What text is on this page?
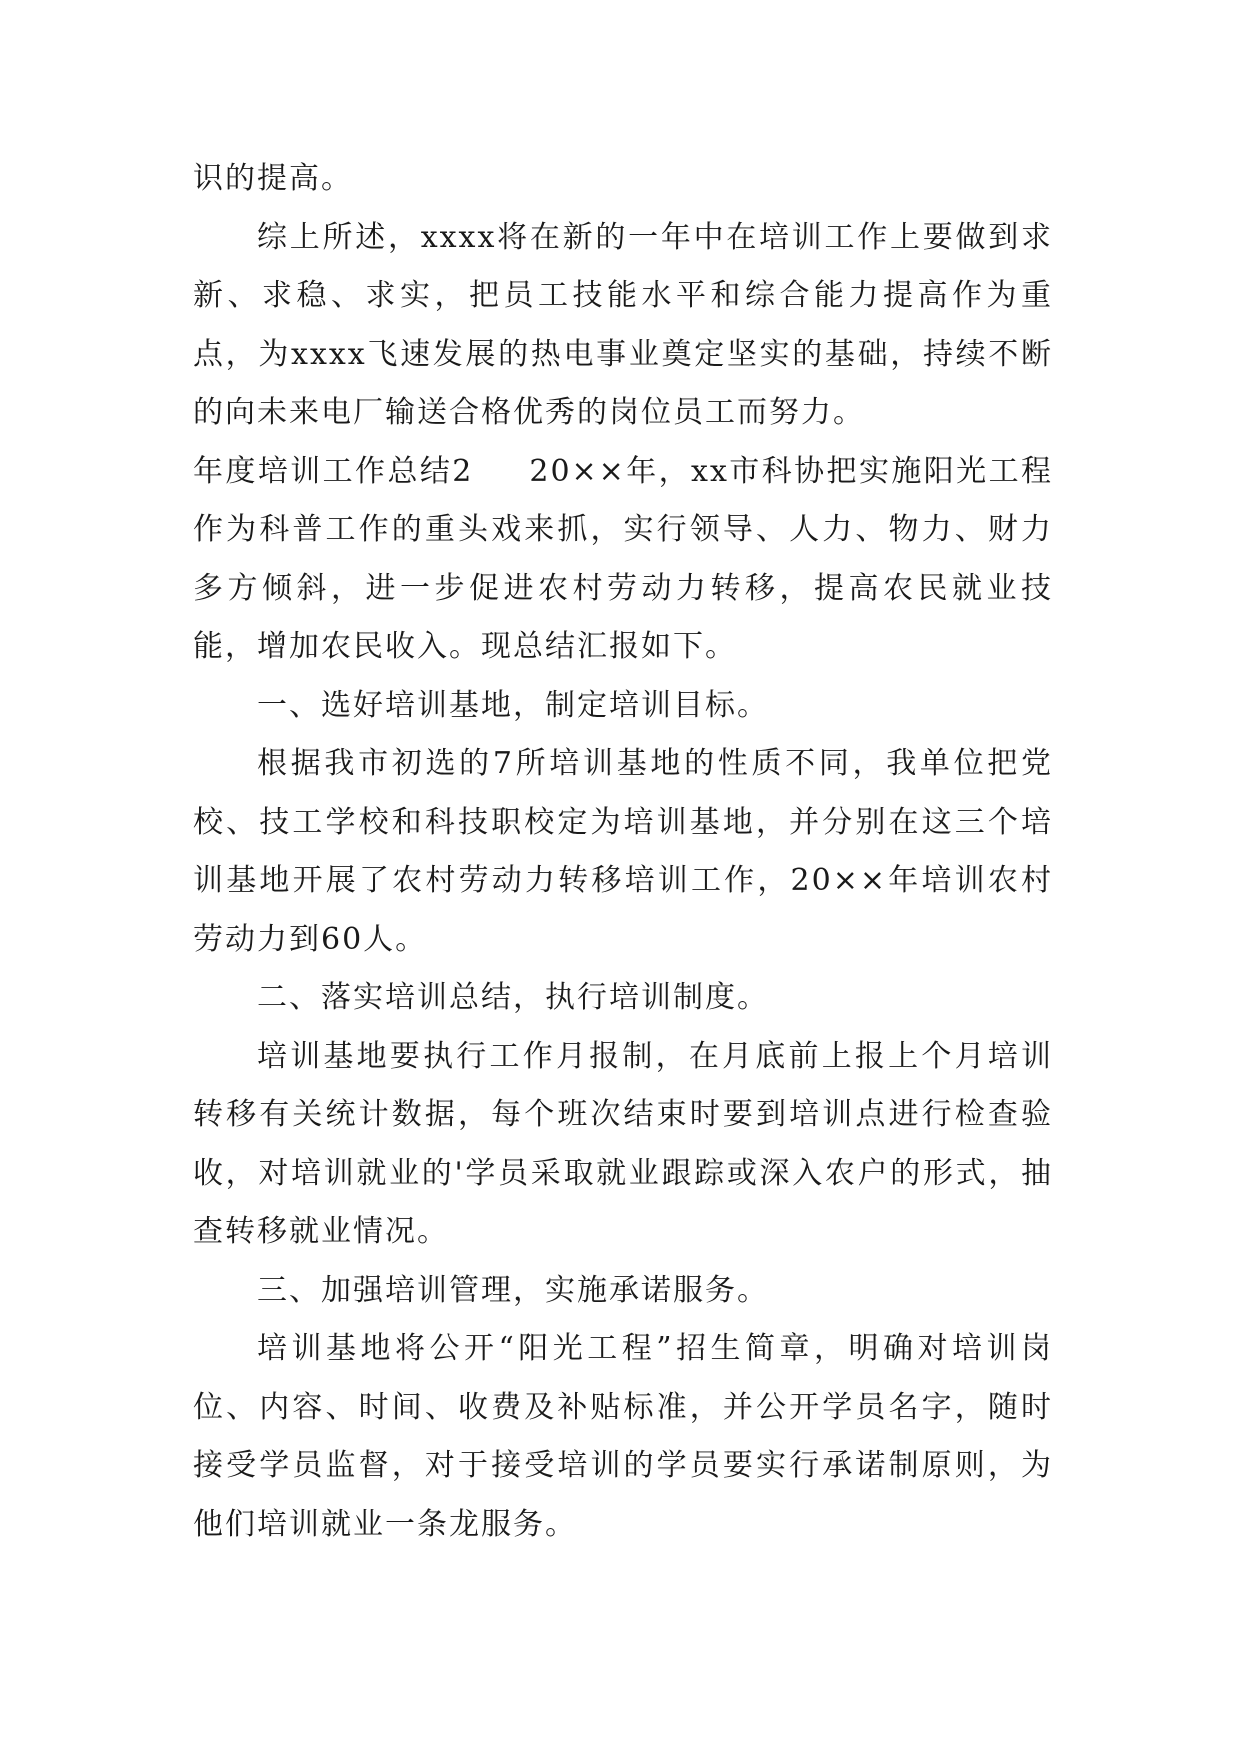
识的提高。

综上所述，xxxx将在新的一年中在培训工作上要做到求新、求稳、求实，把员工技能水平和综合能力提高作为重点，为xxxx飞速发展的热电事业奠定坚实的基础，持续不断的向未来电厂输送合格优秀的岗位员工而努力。

年度培训工作总结2 20××年，xx市科协把实施阳光工程作为科普工作的重头戏来抓，实行领导、人力、物力、财力多方倾斜，进一步促进农村劳动力转移，提高农民就业技能，增加农民收入。现总结汇报如下。

一、选好培训基地，制定培训目标。

根据我市初选的7所培训基地的性质不同，我单位把党校、技工学校和科技职校定为培训基地，并分别在这三个培训基地开展了农村劳动力转移培训工作，20××年培训农村劳动力到60人。

二、落实培训总结，执行培训制度。

培训基地要执行工作月报制，在月底前上报上个月培训转移有关统计数据，每个班次结束时要到培训点进行检查验收，对培训就业的'学员采取就业跟踪或深入农户的形式，抽查转移就业情况。

三、加强培训管理，实施承诺服务。

培训基地将公开“阳光工程”招生简章，明确对培训岗位、内容、时间、收费及补贴标准，并公开学员名字，随时接受学员监督，对于接受培训的学员要实行承诺制原则，为他们培训就业一条龙服务。
